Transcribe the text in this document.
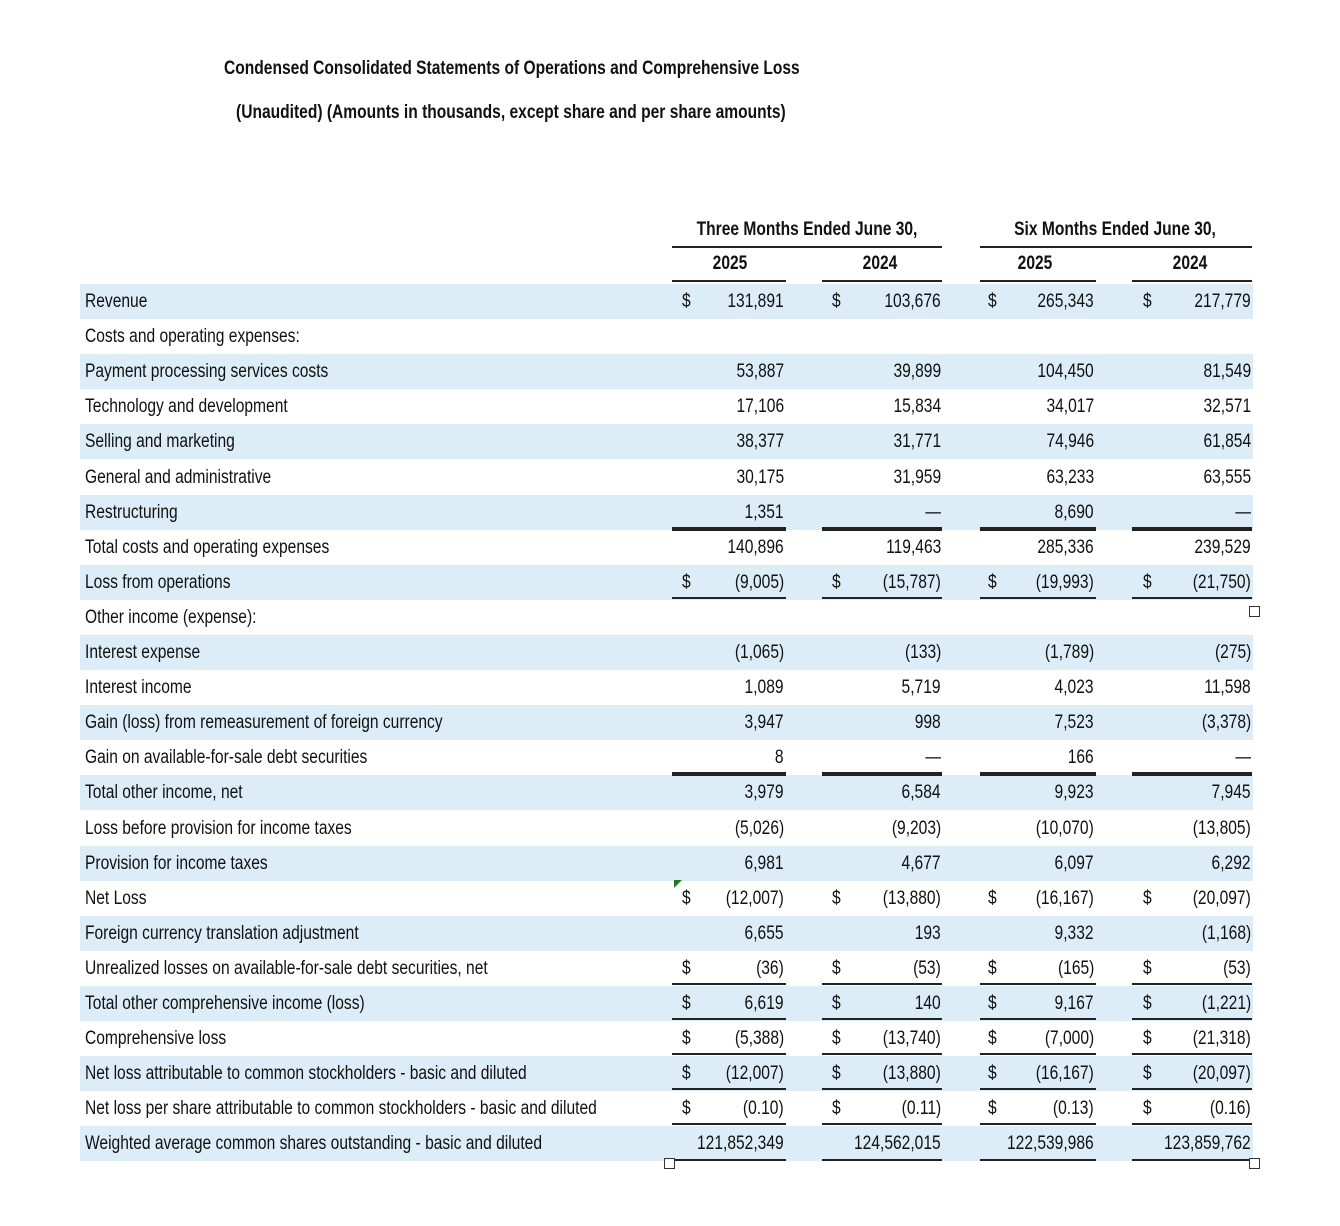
Condensed Consolidated Statements of Operations and Comprehensive Loss
(Unaudited) (Amounts in thousands, except share and per share amounts)
Three Months Ended June 30,	Six Months Ended June 30,
2025	2024	2025	2024
Revenue	$ 131,891	$ 103,676 $ 265,343	$ 217,779
Costs and operating expenses:
Payment processing services costs	53,887	39,899	104,450	81,549
Technology and development	17,106	15,834	34,017	32,571
Selling and marketing	38,377	31,771	74,946	61,854
General and administrative	30,175	31,959	63,233	63,555
Restructuring	1,351	—	8,690	—
Total costs and operating expenses	140,896	119,463	285,336	239,529
Loss from operations	$ (9,005)	$ (15,787) $ (19,993)	$ (21,750)
Other income (expense):
Interest expense	(1,065)	(133)	(1,789)	(275)
Interest income	1,089	5,719	4,023	11,598
Gain (loss) from remeasurement of foreign currency	3,947	998	7,523	(3,378)
Gain on available-for-sale debt securities	8	—	166	—
Total other income, net	3,979	6,584	9,923	7,945
Loss before provision for income taxes	(5,026)	(9,203)	(10,070)	(13,805)
Provision for income taxes	6,981	4,677	6,097	6,292
Net Loss	$ (12,007)	$ (13,880) $ (16,167)	$ (20,097)
Foreign currency translation adjustment	6,655	193	9,332	(1,168)
Unrealized losses on available-for-sale debt securities, net	$	(36)	$	(53) $	(165)	$	(53)
Total other comprehensive income (loss)	$	6,619	$	140 $	9,167	$	(1,221)
Comprehensive loss	$ (5,388)	$ (13,740) $	(7,000)	$ (21,318)
Net loss attributable to common stockholders - basic and diluted	$ (12,007)	$ (13,880) $ (16,167)	$ (20,097)
Net loss per share attributable to common stockholders - basic and diluted	$	(0.10)	$	(0.11) $	(0.13)	$	(0.16)
Weighted average common shares outstanding - basic and diluted	121,852,349	124,562,015	122,539,986	123,859,762
